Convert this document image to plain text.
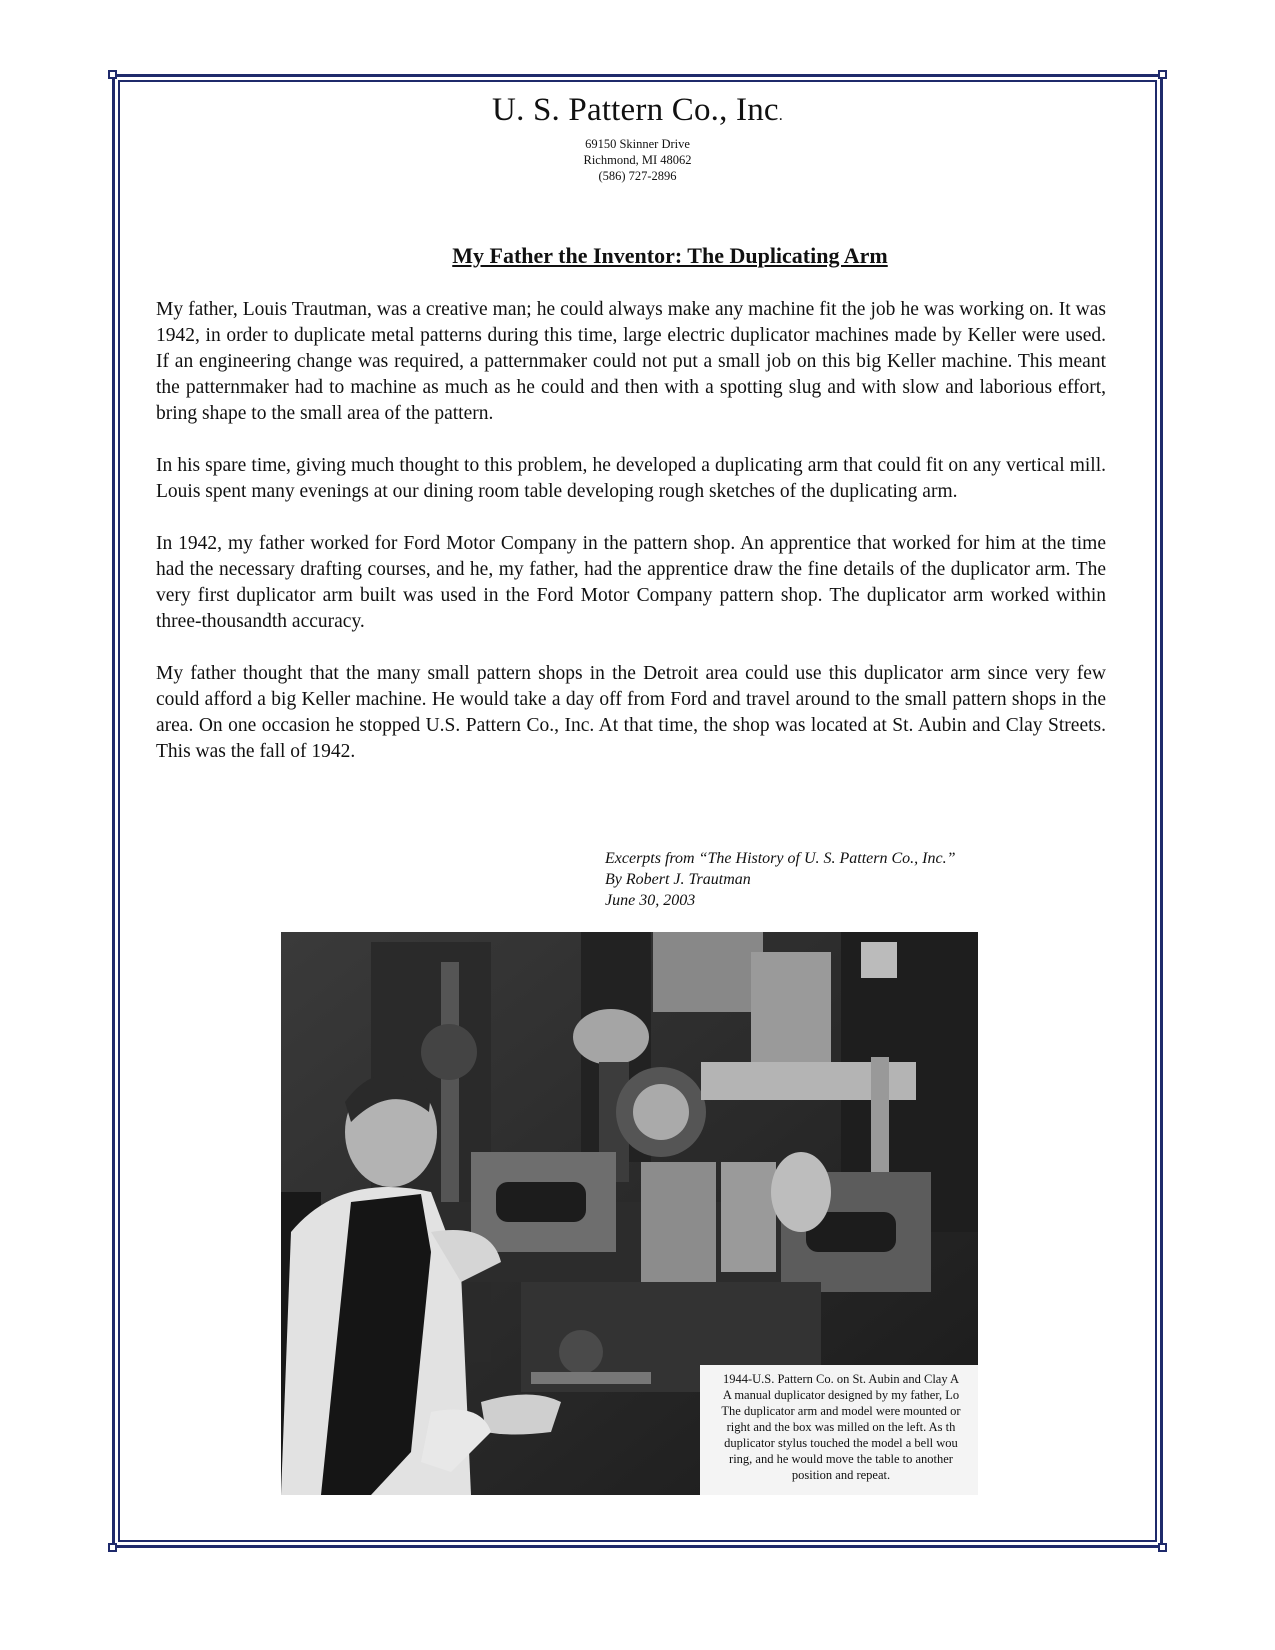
U. S. Pattern Co., Inc.
69150 Skinner Drive
Richmond, MI 48062
(586) 727-2896
My Father the Inventor: The Duplicating Arm

My father, Louis Trautman, was a creative man; he could always make any machine fit the job he was working on. It was 1942, in order to duplicate metal patterns during this time, large electric duplicator machines made by Keller were used. If an engineering change was required, a patternmaker could not put a small job on this big Keller machine. This meant the patternmaker had to machine as much as he could and then with a spotting slug and with slow and laborious effort, bring shape to the small area of the pattern.

In his spare time, giving much thought to this problem, he developed a duplicating arm that could fit on any vertical mill. Louis spent many evenings at our dining room table developing rough sketches of the duplicating arm.

In 1942, my father worked for Ford Motor Company in the pattern shop. An apprentice that worked for him at the time had the necessary drafting courses, and he, my father, had the apprentice draw the fine details of the duplicator arm. The very first duplicator arm built was used in the Ford Motor Company pattern shop. The duplicator arm worked within three-thousandth accuracy.

My father thought that the many small pattern shops in the Detroit area could use this duplicator arm since very few could afford a big Keller machine. He would take a day off from Ford and travel around to the small pattern shops in the area. On one occasion he stopped U.S. Pattern Co., Inc. At that time, the shop was located at St. Aubin and Clay Streets. This was the fall of 1942.

Excerpts from “The History of U. S. Pattern Co., Inc.”
By Robert J. Trautman
June 30, 2003
1944-U.S. Pattern Co. on St. Aubin and Clay A
A manual duplicator designed by my father, Lo
The duplicator arm and model were mounted or
right and the box was milled on the left. As th
duplicator stylus touched the model a bell wou
ring, and he would move the table to another
position and repeat.
